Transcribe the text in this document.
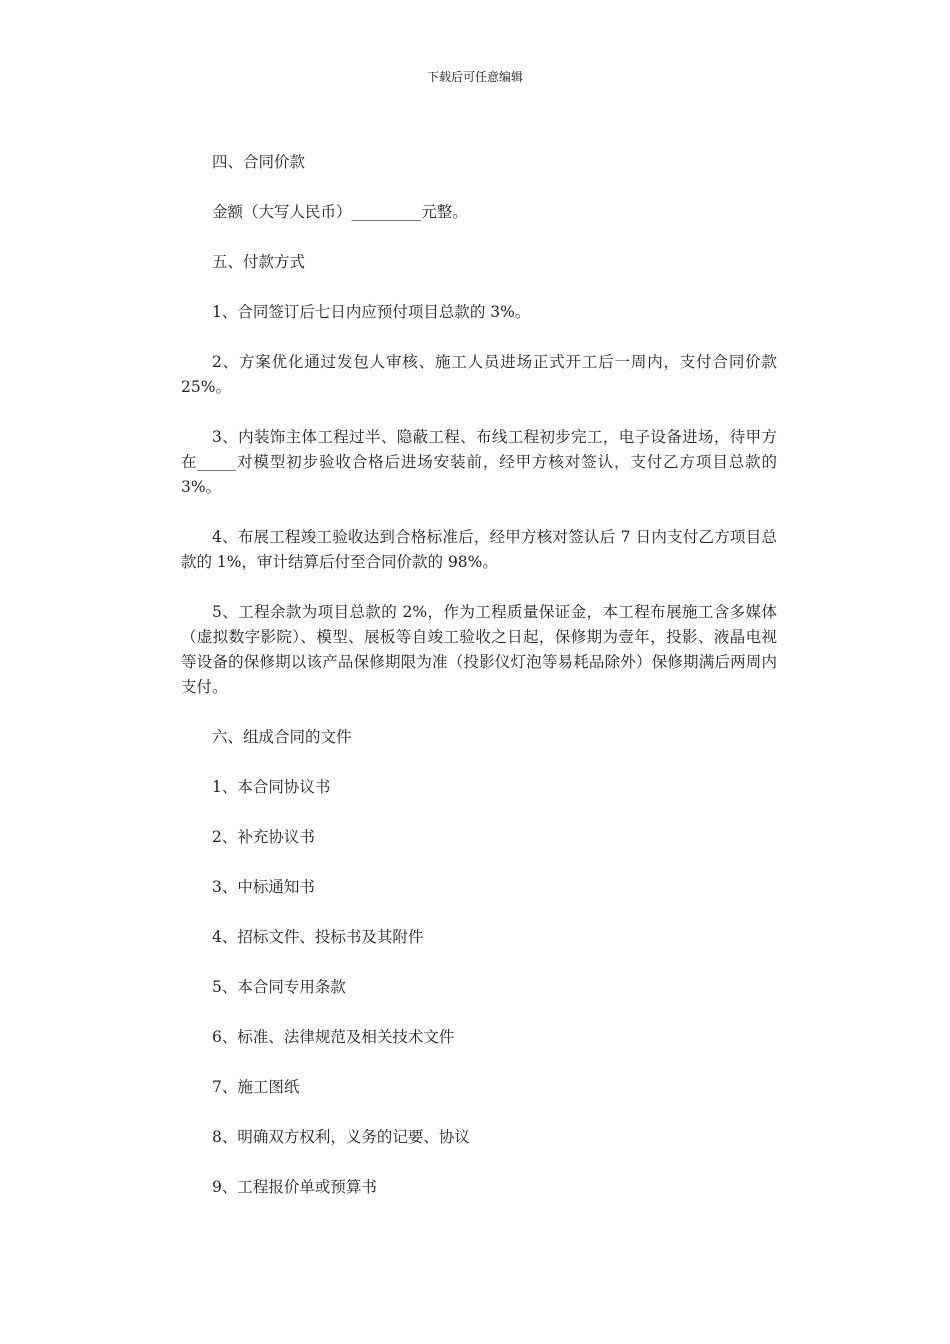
下载后可任意编辑

四、合同价款

金额（大写人民币）_________元整。

五、付款方式

1、合同签订后七日内应预付项目总款的 3%。

2、方案优化通过发包人审核、施工人员进场正式开工后一周内，支付合同价款 25%。

3、内装饰主体工程过半、隐蔽工程、布线工程初步完工，电子设备进场，待甲方在_____对模型初步验收合格后进场安装前，经甲方核对签认，支付乙方项目总款的 3%。

4、布展工程竣工验收达到合格标准后，经甲方核对签认后 7 日内支付乙方项目总款的 1%，审计结算后付至合同价款的 98%。

5、工程余款为项目总款的 2%，作为工程质量保证金，本工程布展施工含多媒体（虚拟数字影院）、模型、展板等自竣工验收之日起，保修期为壹年，投影、液晶电视等设备的保修期以该产品保修期限为准（投影仪灯泡等易耗品除外）保修期满后两周内支付。

六、组成合同的文件

1、本合同协议书

2、补充协议书

3、中标通知书

4、招标文件、投标书及其附件

5、本合同专用条款

6、标准、法律规范及相关技术文件

7、施工图纸

8、明确双方权利，义务的记要、协议

9、工程报价单或预算书
